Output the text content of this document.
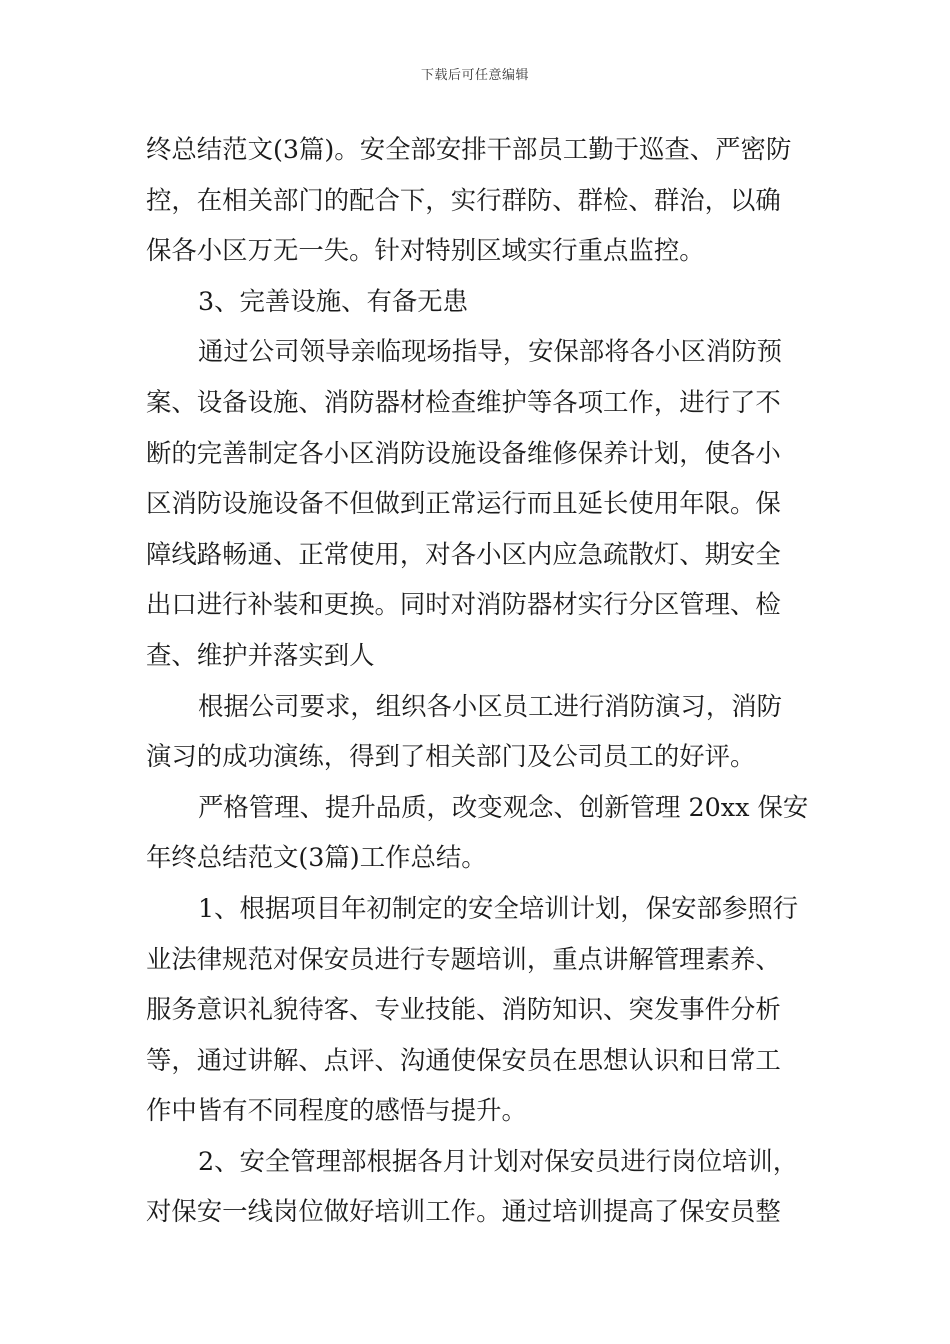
下载后可任意编辑
终总结范文(3篇)。安全部安排干部员工勤于巡查、严密防
控，在相关部门的配合下，实行群防、群检、群治，以确
保各小区万无一失。针对特别区域实行重点监控。
3、完善设施、有备无患
通过公司领导亲临现场指导，安保部将各小区消防预
案、设备设施、消防器材检查维护等各项工作，进行了不
断的完善制定各小区消防设施设备维修保养计划，使各小
区消防设施设备不但做到正常运行而且延长使用年限。保
障线路畅通、正常使用，对各小区内应急疏散灯、期安全
出口进行补装和更换。同时对消防器材实行分区管理、检
查、维护并落实到人
根据公司要求，组织各小区员工进行消防演习，消防
演习的成功演练，得到了相关部门及公司员工的好评。
严格管理、提升品质，改变观念、创新管理 20xx 保安
年终总结范文(3篇)工作总结。
1、根据项目年初制定的安全培训计划，保安部参照行
业法律规范对保安员进行专题培训，重点讲解管理素养、
服务意识礼貌待客、专业技能、消防知识、突发事件分析
等，通过讲解、点评、沟通使保安员在思想认识和日常工
作中皆有不同程度的感悟与提升。
2、安全管理部根据各月计划对保安员进行岗位培训，
对保安一线岗位做好培训工作。通过培训提高了保安员整
